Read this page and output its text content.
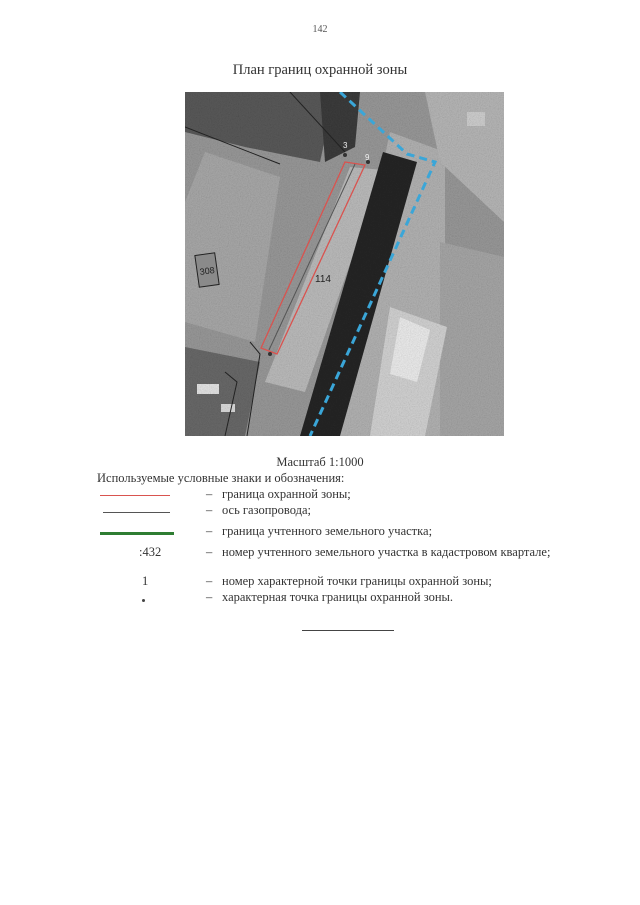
142
План границ охранной зоны
308
3
9
114
Масштаб 1:1000
Используемые условные знаки и обозначения:
– граница охранной зоны;
– ось газопровода;
– граница учтенного земельного участка;
:432	– номер учтенного земельного участка в кадастровом квартале;
1	– номер характерной точки границы охранной зоны;
– характерная точка границы охранной зоны.
